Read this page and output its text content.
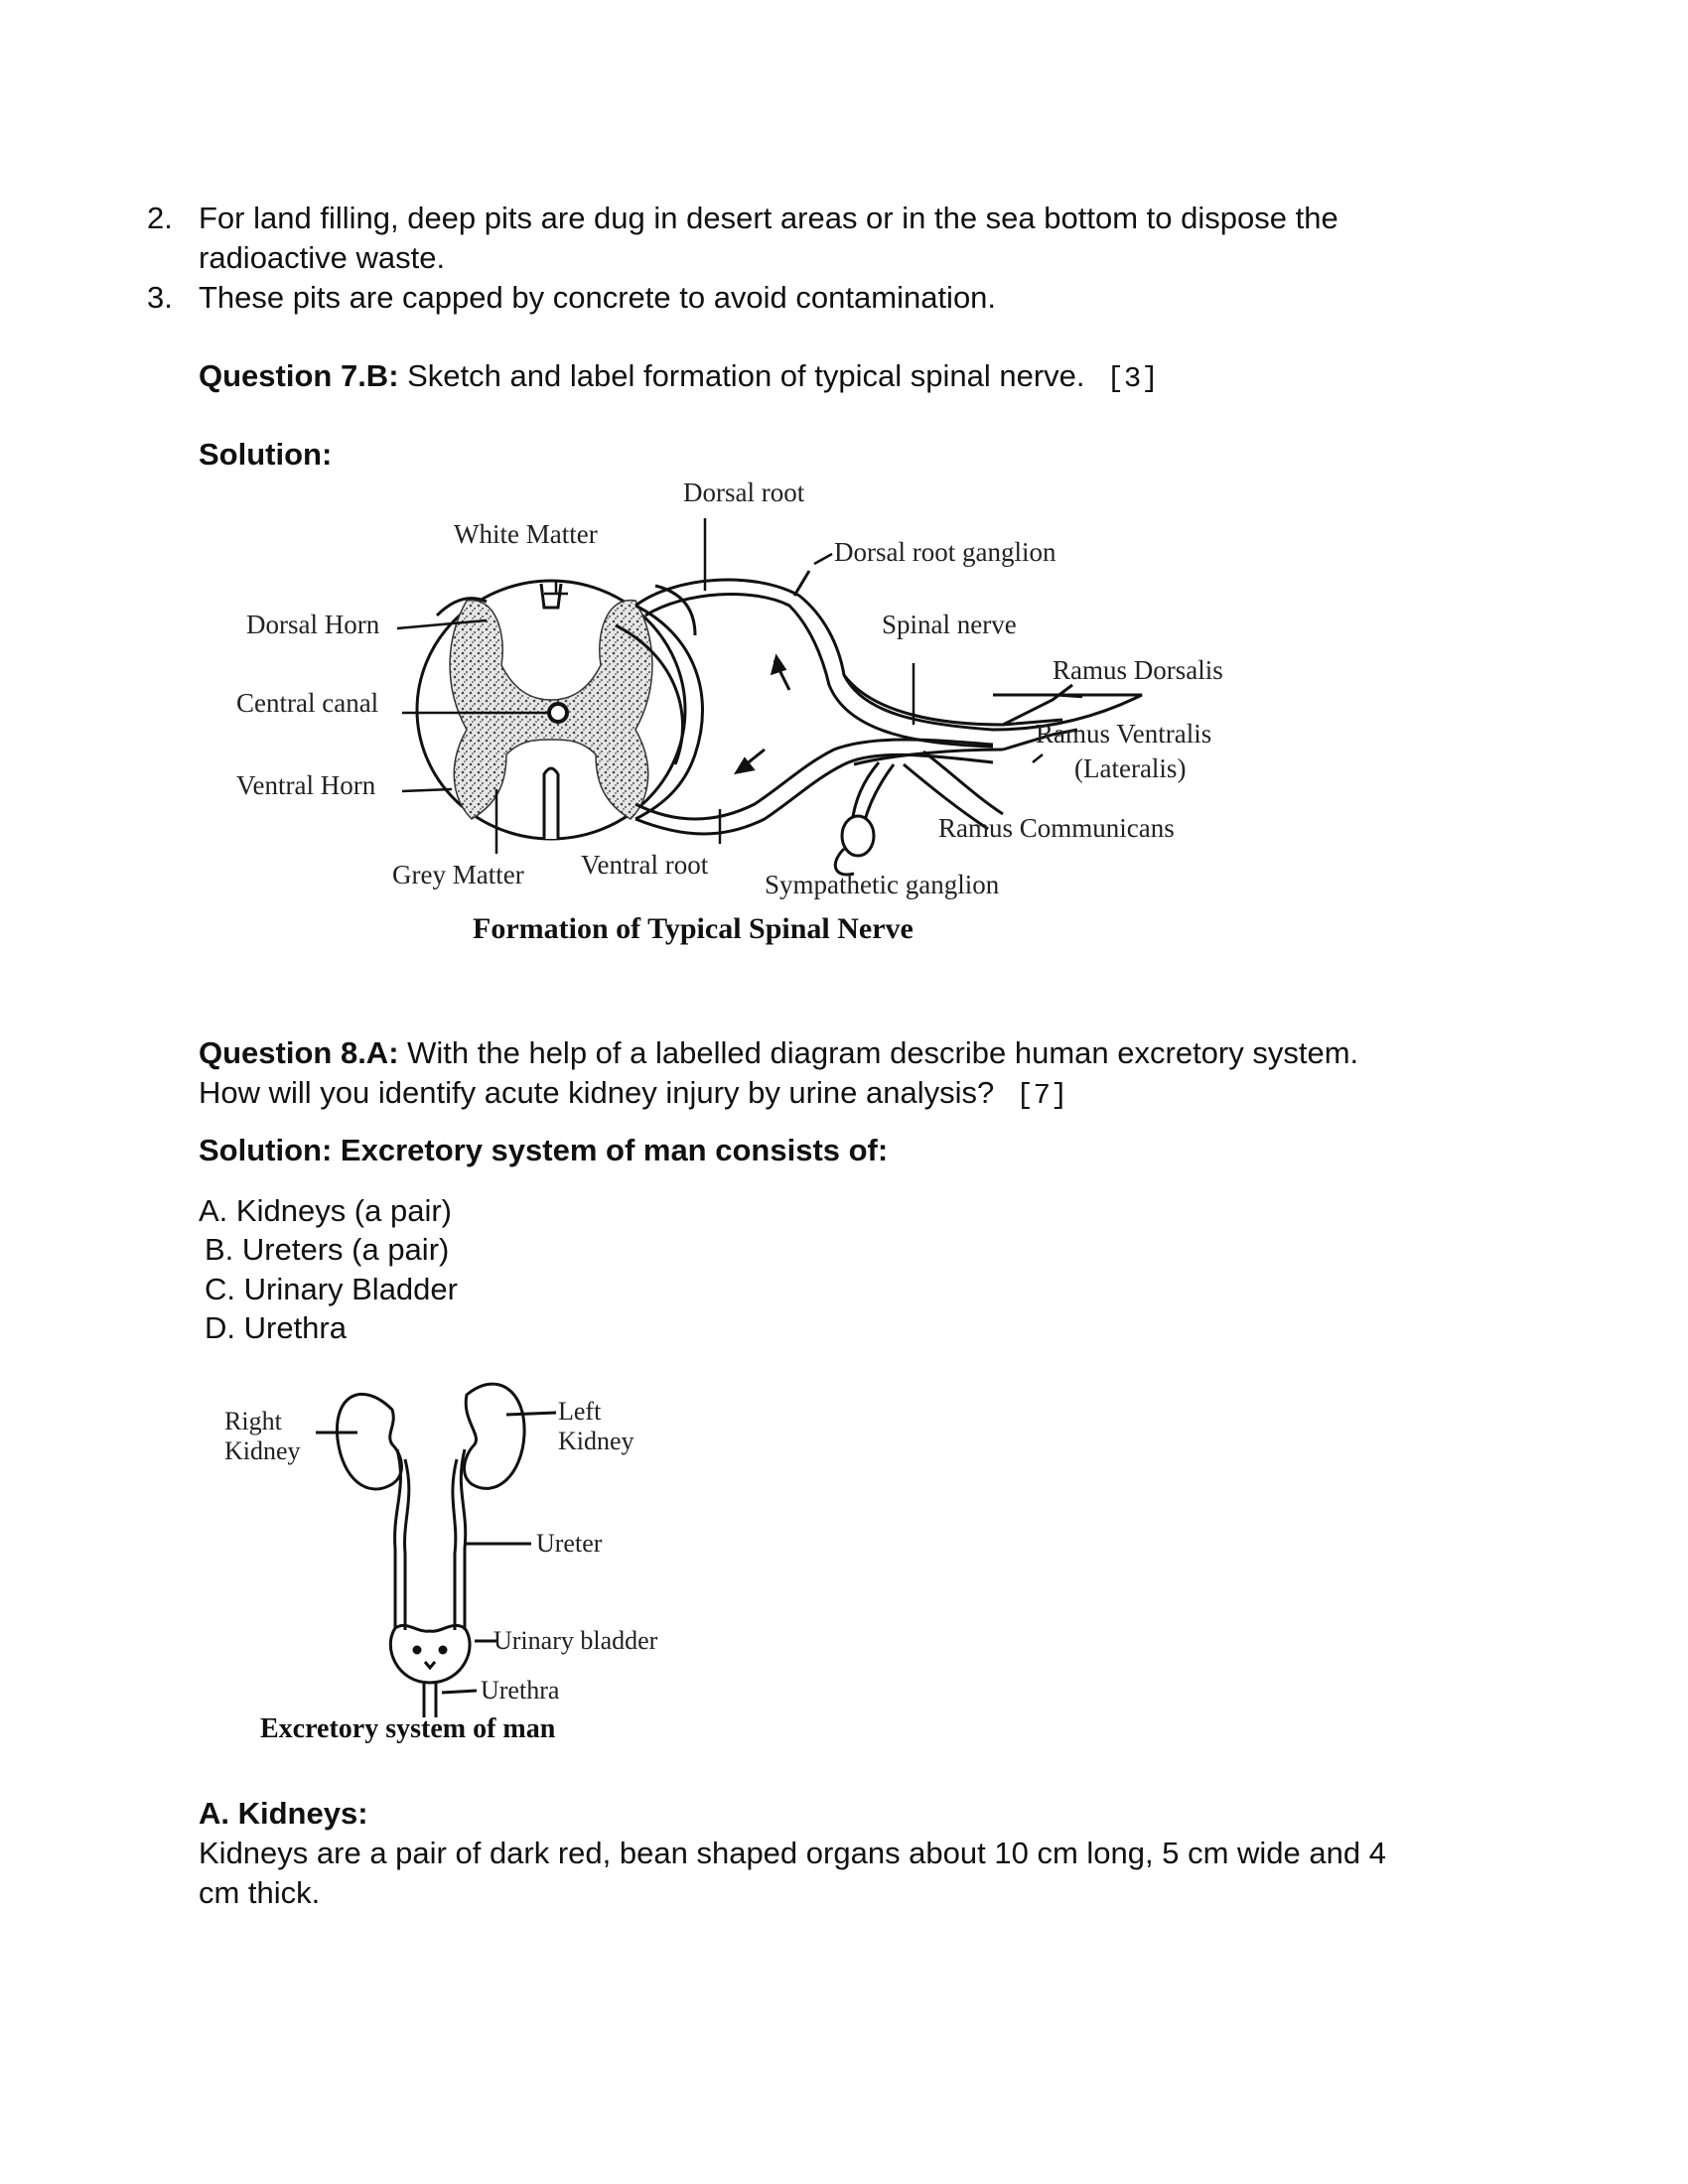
2. For land filling, deep pits are dug in desert areas or in the sea bottom to dispose the
radioactive waste.
3. These pits are capped by concrete to avoid contamination.
Question 7.B: Sketch and label formation of typical spinal nerve. [3]
Solution:
Dorsal root
White Matter
Dorsal root ganglion
Dorsal Horn	Spinal nerve
Ramus Dorsalis
Central canal
Ramus Ventralis
(Lateralis)
Ventral Horn
Ramus Communicans
Grey Matter Ventral root
Sympathetic ganglion
Formation of Typical Spinal Nerve
Question 8.A: With the help of a labelled diagram describe human excretory system.
How will you identify acute kidney injury by urine analysis? [7]
Solution: Excretory system of man consists of:
A. Kidneys (a pair)
B. Ureters (a pair)
C. Urinary Bladder
D. Urethra
Right
Kidney
Left
Kidney
Ureter
Urinary bladder
Urethra
Excretory system of man
A. Kidneys:
Kidneys are a pair of dark red, bean shaped organs about 10 cm long, 5 cm wide and 4
cm thick.
